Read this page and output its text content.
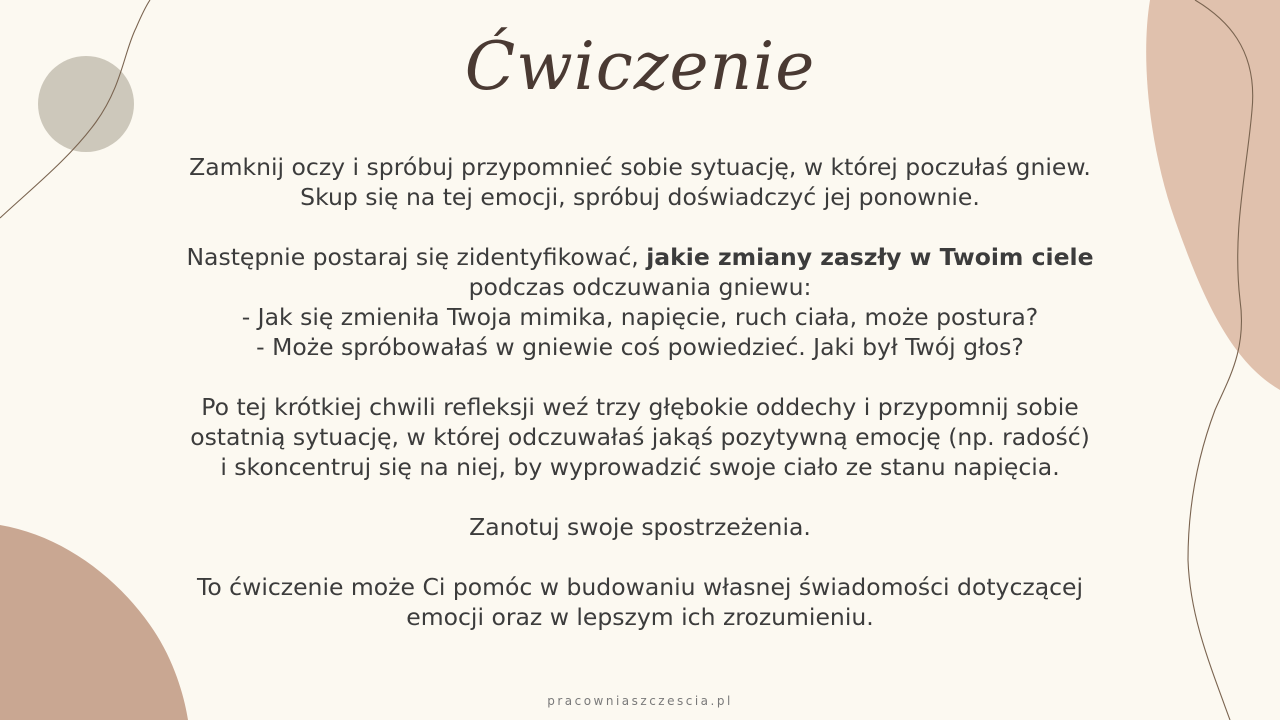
Ćwiczenie

Zamknij oczy i spróbuj przypomnieć sobie sytuację, w której poczułaś gniew.

Skup się na tej emocji, spróbuj doświadczyć jej ponownie.

Następnie postaraj się zidentyfikować, jakie zmiany zaszły w Twoim ciele

podczas odczuwania gniewu:

- Jak się zmieniła Twoja mimika, napięcie, ruch ciała, może postura?

- Może spróbowałaś w gniewie coś powiedzieć. Jaki był Twój głos?

Po tej krótkiej chwili refleksji weź trzy głębokie oddechy i przypomnij sobie

ostatnią sytuację, w której odczuwałaś jakąś pozytywną emocję (np. radość)

i skoncentruj się na niej, by wyprowadzić swoje ciało ze stanu napięcia.

Zanotuj swoje spostrzeżenia.

To ćwiczenie może Ci pomóc w budowaniu własnej świadomości dotyczącej

emocji oraz w lepszym ich zrozumieniu.

pracowniaszczescia.pl
